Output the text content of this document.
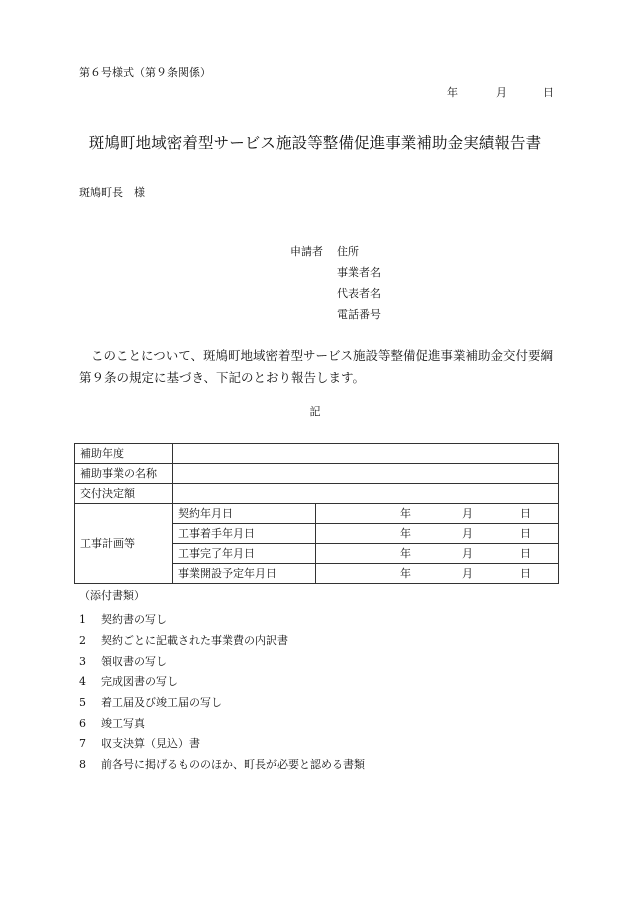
第６号様式（第９条関係）
年	月	日
斑鳩町地域密着型サービス施設等整備促進事業補助金実績報告書
斑鳩町長　様
申請者 住所
事業者名
代表者名
電話番号
このことについて、斑鳩町地域密着型サービス施設等整備促進事業補助金交付要綱第９条の規定に基づき、下記のとおり報告します。
記
補助年度		
補助事業の名称		
交付決定額		
工事計画等	契約年月日	年 月 日

	工事着手年月日	年 月 日

	工事完了年月日	年 月 日

	事業開設予定年月日	年 月 日
（添付書類）
1 契約書の写し
2 契約ごとに記載された事業費の内訳書
3 領収書の写し
4 完成図書の写し
5 着工届及び竣工届の写し
6 竣工写真
7 収支決算（見込）書
8 前各号に掲げるもののほか、町長が必要と認める書類
